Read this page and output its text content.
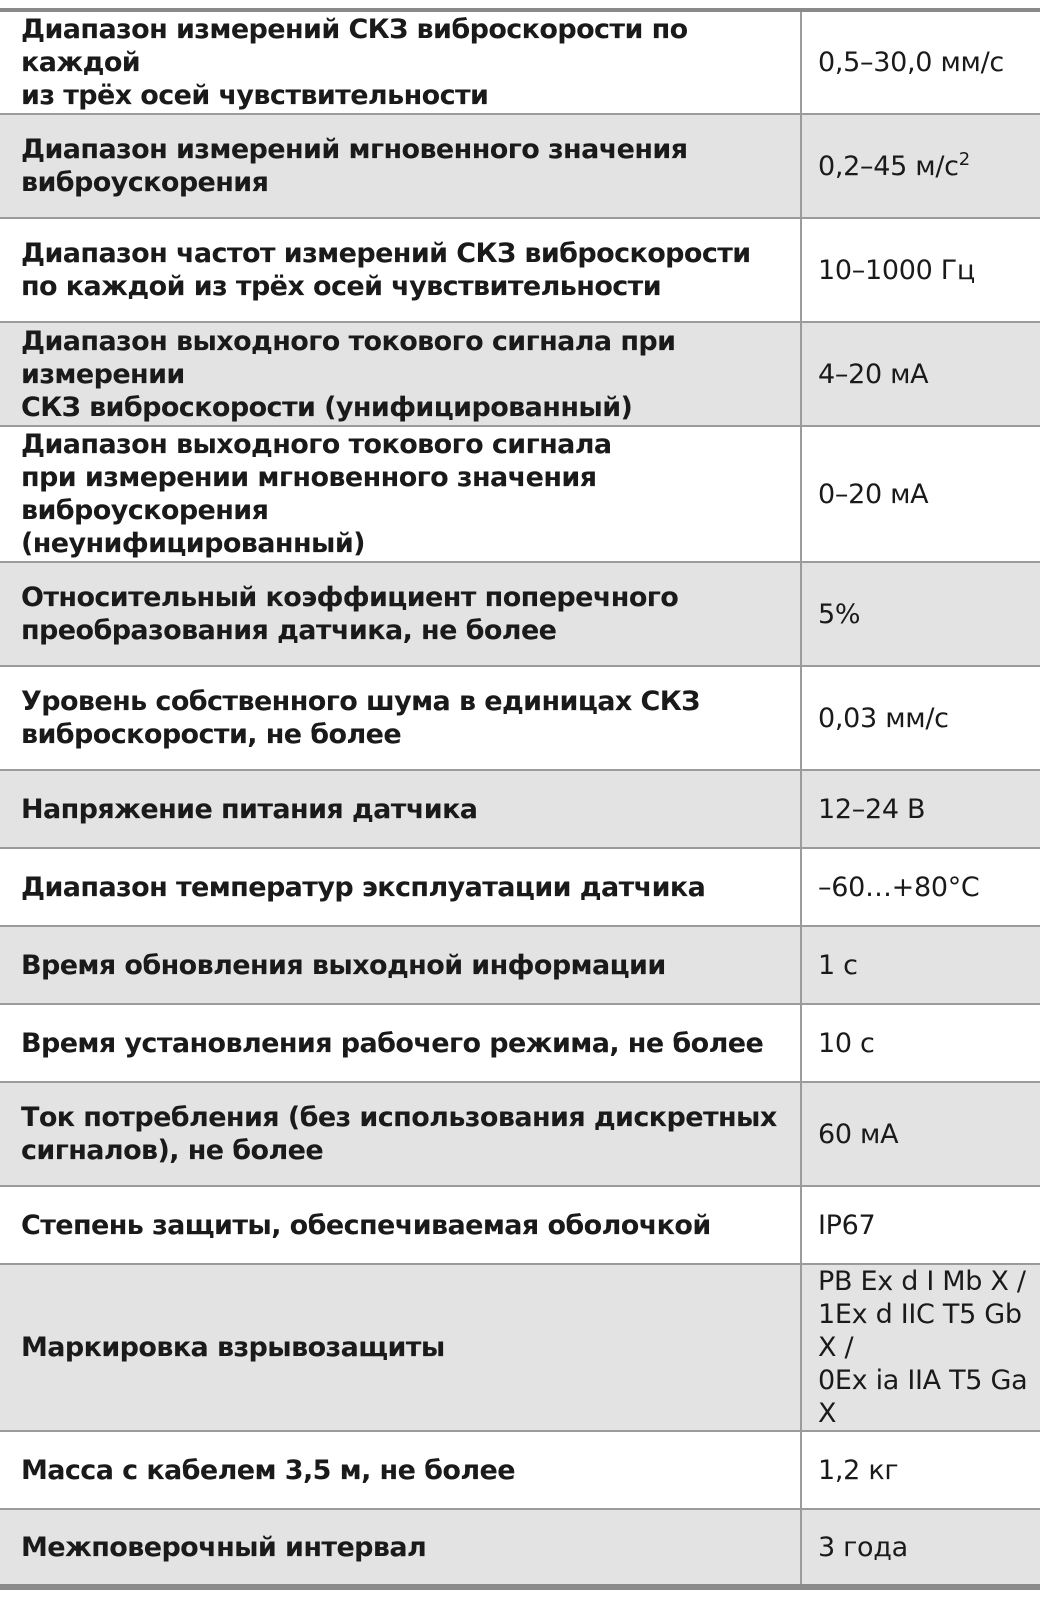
Диапазон измерений СКЗ виброскорости по каждой
из трёх осей чувствительности	0,5–30,0 мм/с

Диапазон измерений мгновенного значения
виброускорения	0,2–45 $м/с^2$

Диапазон частот измерений СКЗ виброскорости
по каждой из трёх осей чувствительности	10–1000 Гц

Диапазон выходного токового сигнала при измерении
СКЗ виброскорости (унифицированный)	4–20 мА

Диапазон выходного токового сигнала
при измерении мгновенного значения виброускорения
(неунифицированный)	0–20 мА

Относительный коэффициент поперечного
преобразования датчика, не более	5%

Уровень собственного шума в единицах СКЗ
виброскорости, не более	0,03 мм/с

Напряжение питания датчика	12–24 В

Диапазон температур эксплуатации датчика	–60…+80°С

Время обновления выходной информации	1 с

Время установления рабочего режима, не более	10 с

Ток потребления (без использования дискретных
сигналов), не более	60 мА

Степень защиты, обеспечиваемая оболочкой	IP67

Маркировка взрывозащиты	PB Ex d I Mb X /
1Ex d IIC T5 Gb X /
0Ex ia IIA T5 Ga X

Масса с кабелем 3,5 м, не более	1,2 кг

Межповерочный интервал	3 года
